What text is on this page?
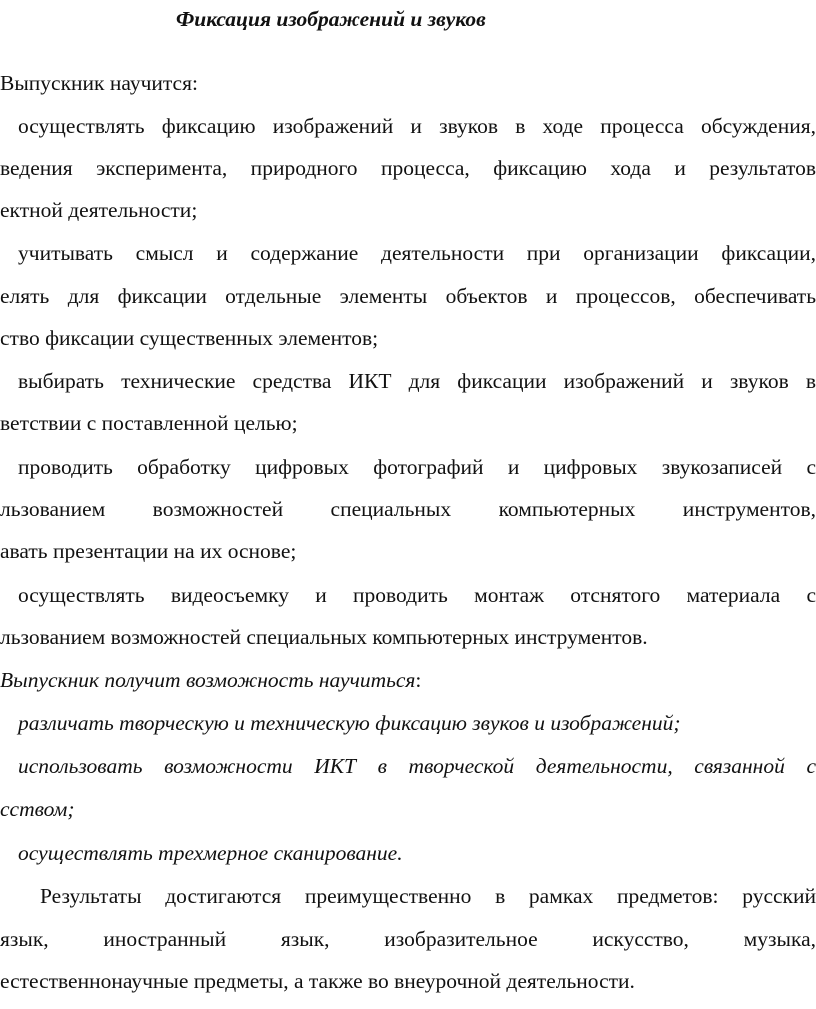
Фиксация изображений и звуков
Выпускник научится:
осуществлять фиксацию изображений и звуков в ходе процесса обсуждения,
ведения эксперимента, природного процесса, фиксацию хода и результатов
ектной деятельности;
учитывать смысл и содержание деятельности при организации фиксации,
елять для фиксации отдельные элементы объектов и процессов, обеспечивать
ство фиксации существенных элементов;
выбирать технические средства ИКТ для фиксации изображений и звуков в
ветствии с поставленной целью;
проводить обработку цифровых фотографий и цифровых звукозаписей с
льзованием возможностей специальных компьютерных инструментов,
авать презентации на их основе;
осуществлять видеосъемку и проводить монтаж отснятого материала с
льзованием возможностей специальных компьютерных инструментов.
Выпускник получит возможность научиться:
различать творческую и техническую фиксацию звуков и изображений;
использовать возможности ИКТ в творческой деятельности, связанной с
сством;
осуществлять трехмерное сканирование.
Результаты достигаются преимущественно в рамках предметов: русский
язык, иностранный язык, изобразительное искусство, музыка,
естественнонаучные предметы, а также во внеурочной деятельности.
